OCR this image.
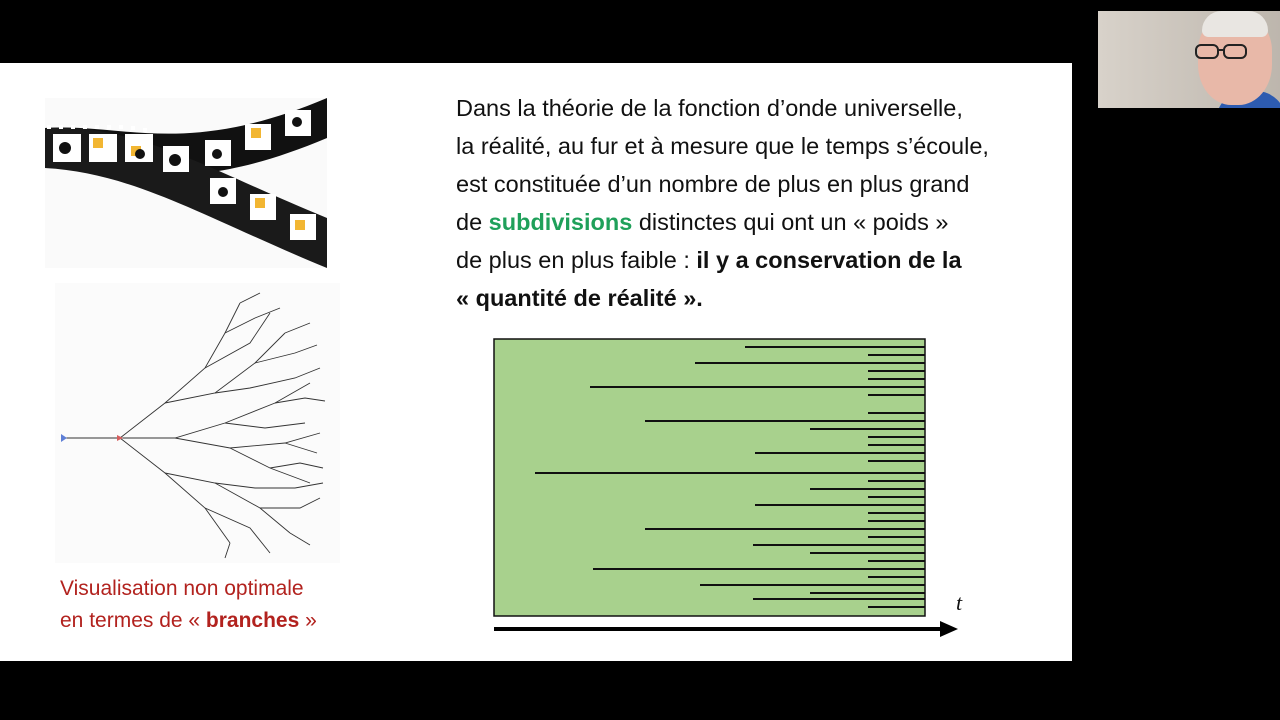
Visualisation non optimale
en termes de « branches »
Dans la théorie de la fonction d’onde universelle,
la réalité, au fur et à mesure que le temps s’écoule,
est constituée d’un nombre de plus en plus grand
de subdivisions distinctes qui ont un « poids »
de plus en plus faible : il y a conservation de la
« quantité de réalité ».
t
